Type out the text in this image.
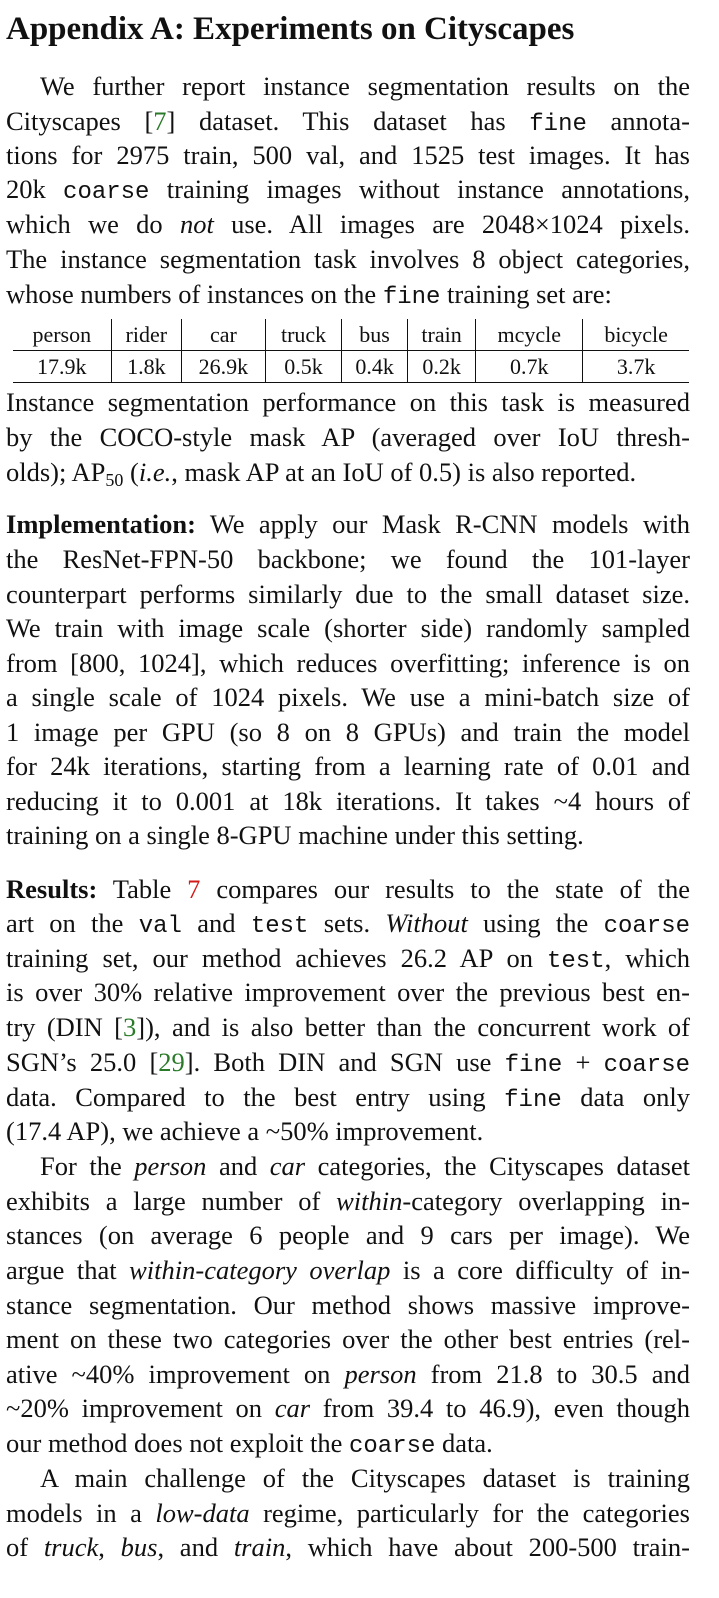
Appendix A: Experiments on Cityscapes
We further report instance segmentation results on the
Cityscapes [7] dataset. This dataset has fine annota-
tions for 2975 train, 500 val, and 1525 test images. It has
20k coarse training images without instance annotations,
which we do not use. All images are 2048×1024 pixels.
The instance segmentation task involves 8 object categories,
whose numbers of instances on the fine training set are:
person	rider	car	truck	bus	train	mcycle	bicycle
17.9k	1.8k	26.9k	0.5k	0.4k	0.2k	0.7k	3.7k
Instance segmentation performance on this task is measured
by the COCO-style mask AP (averaged over IoU thresh-
olds); $AP_{50}$ (i.e., mask AP at an IoU of 0.5) is also reported.
Implementation: We apply our Mask R-CNN models with
the ResNet-FPN-50 backbone; we found the 101-layer
counterpart performs similarly due to the small dataset size.
We train with image scale (shorter side) randomly sampled
from [800, 1024], which reduces overfitting; inference is on
a single scale of 1024 pixels. We use a mini-batch size of
1 image per GPU (so 8 on 8 GPUs) and train the model
for 24k iterations, starting from a learning rate of 0.01 and
reducing it to 0.001 at 18k iterations. It takes ~4 hours of
training on a single 8-GPU machine under this setting.
Results: Table 7 compares our results to the state of the
art on the val and test sets. Without using the coarse
training set, our method achieves 26.2 AP on test, which
is over 30% relative improvement over the previous best en-
try (DIN [3]), and is also better than the concurrent work of
SGN’s 25.0 [29]. Both DIN and SGN use fine + coarse
data. Compared to the best entry using fine data only
(17.4 AP), we achieve a ~50% improvement.
For the person and car categories, the Cityscapes dataset
exhibits a large number of within-category overlapping in-
stances (on average 6 people and 9 cars per image). We
argue that within-category overlap is a core difficulty of in-
stance segmentation. Our method shows massive improve-
ment on these two categories over the other best entries (rel-
ative ~40% improvement on person from 21.8 to 30.5 and
~20% improvement on car from 39.4 to 46.9), even though
our method does not exploit the coarse data.
A main challenge of the Cityscapes dataset is training
models in a low-data regime, particularly for the categories
of truck, bus, and train, which have about 200-500 train-
